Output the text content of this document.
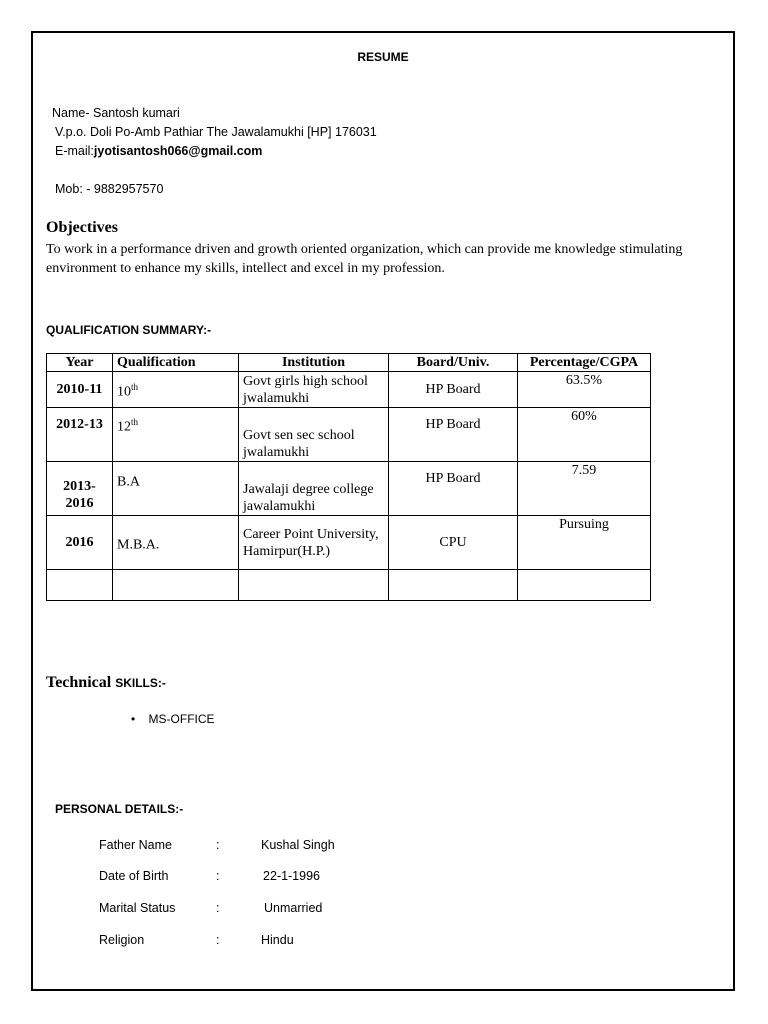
RESUME

Name- Santosh kumari

V.p.o. Doli Po-Amb Pathiar The Jawalamukhi [HP] 176031

E-mail:jyotisantosh066@gmail.com

Mob: - 9882957570

Objectives

To work in a performance driven and growth oriented organization, which can provide me knowledge stimulating environment to enhance my skills, intellect and excel in my profession.

QUALIFICATION SUMMARY:-

Year	Qualification	Institution	Board/Univ.	Percentage/CGPA
2010-11	10th	Govt girls high school jwalamukhi	HP Board	63.5%
2012-13	12th	Govt sen sec school jwalamukhi	HP Board	60%
2013-2016	B.A	Jawalaji degree college jawalamukhi	HP Board	7.59
2016	M.B.A.	Career Point University, Hamirpur(H.P.)	CPU	Pursuing

Technical SKILLS:-

• MS-OFFICE

PERSONAL DETAILS:-

Father Name	:	Kushal Singh

Date of Birth	:	22-1-1996

Marital Status	:	Unmarried

Religion	:	Hindu
